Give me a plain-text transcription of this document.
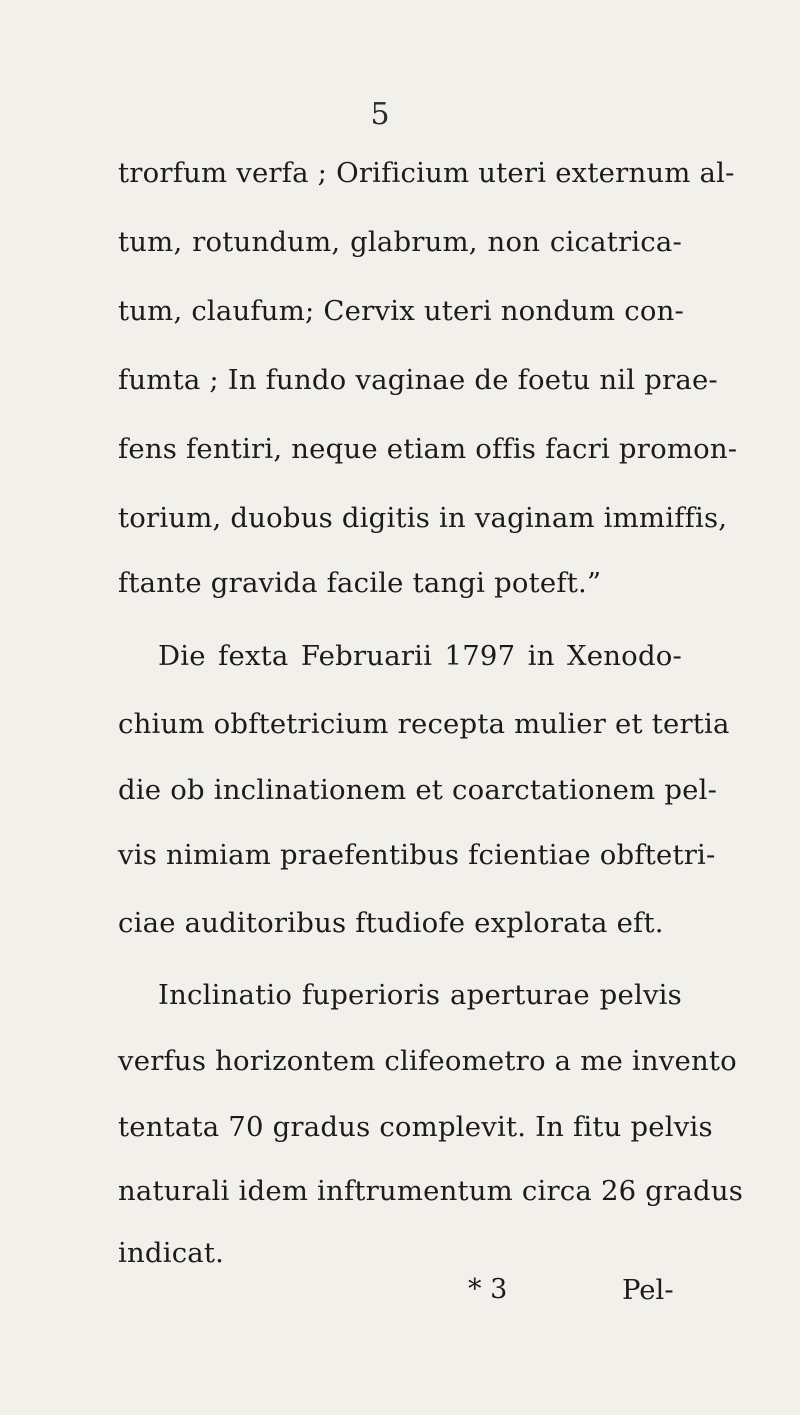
5
trorfum verfa ; Orificium uteri externum al-
tum, rotundum, glabrum, non cicatrica-
tum, claufum; Cervix uteri nondum con-
fumta ; In fundo vaginae de foetu nil prae-
fens fentiri, neque etiam offis facri promon-
torium, duobus digitis in vaginam immiffis,
ftante gravida facile tangi poteft.”
Die fexta Februarii 1797 in Xenodo-
chium obftetricium recepta mulier et tertia
die ob inclinationem et coarctationem pel-
vis nimiam praefentibus fcientiae obftetri-
ciae auditoribus ftudiofe explorata eft.
Inclinatio fuperioris aperturae pelvis
verfus horizontem clifeometro a me invento
tentata 70 gradus complevit. In fitu pelvis
naturali idem inftrumentum circa 26 gradus
indicat.
* 3	Pel-
